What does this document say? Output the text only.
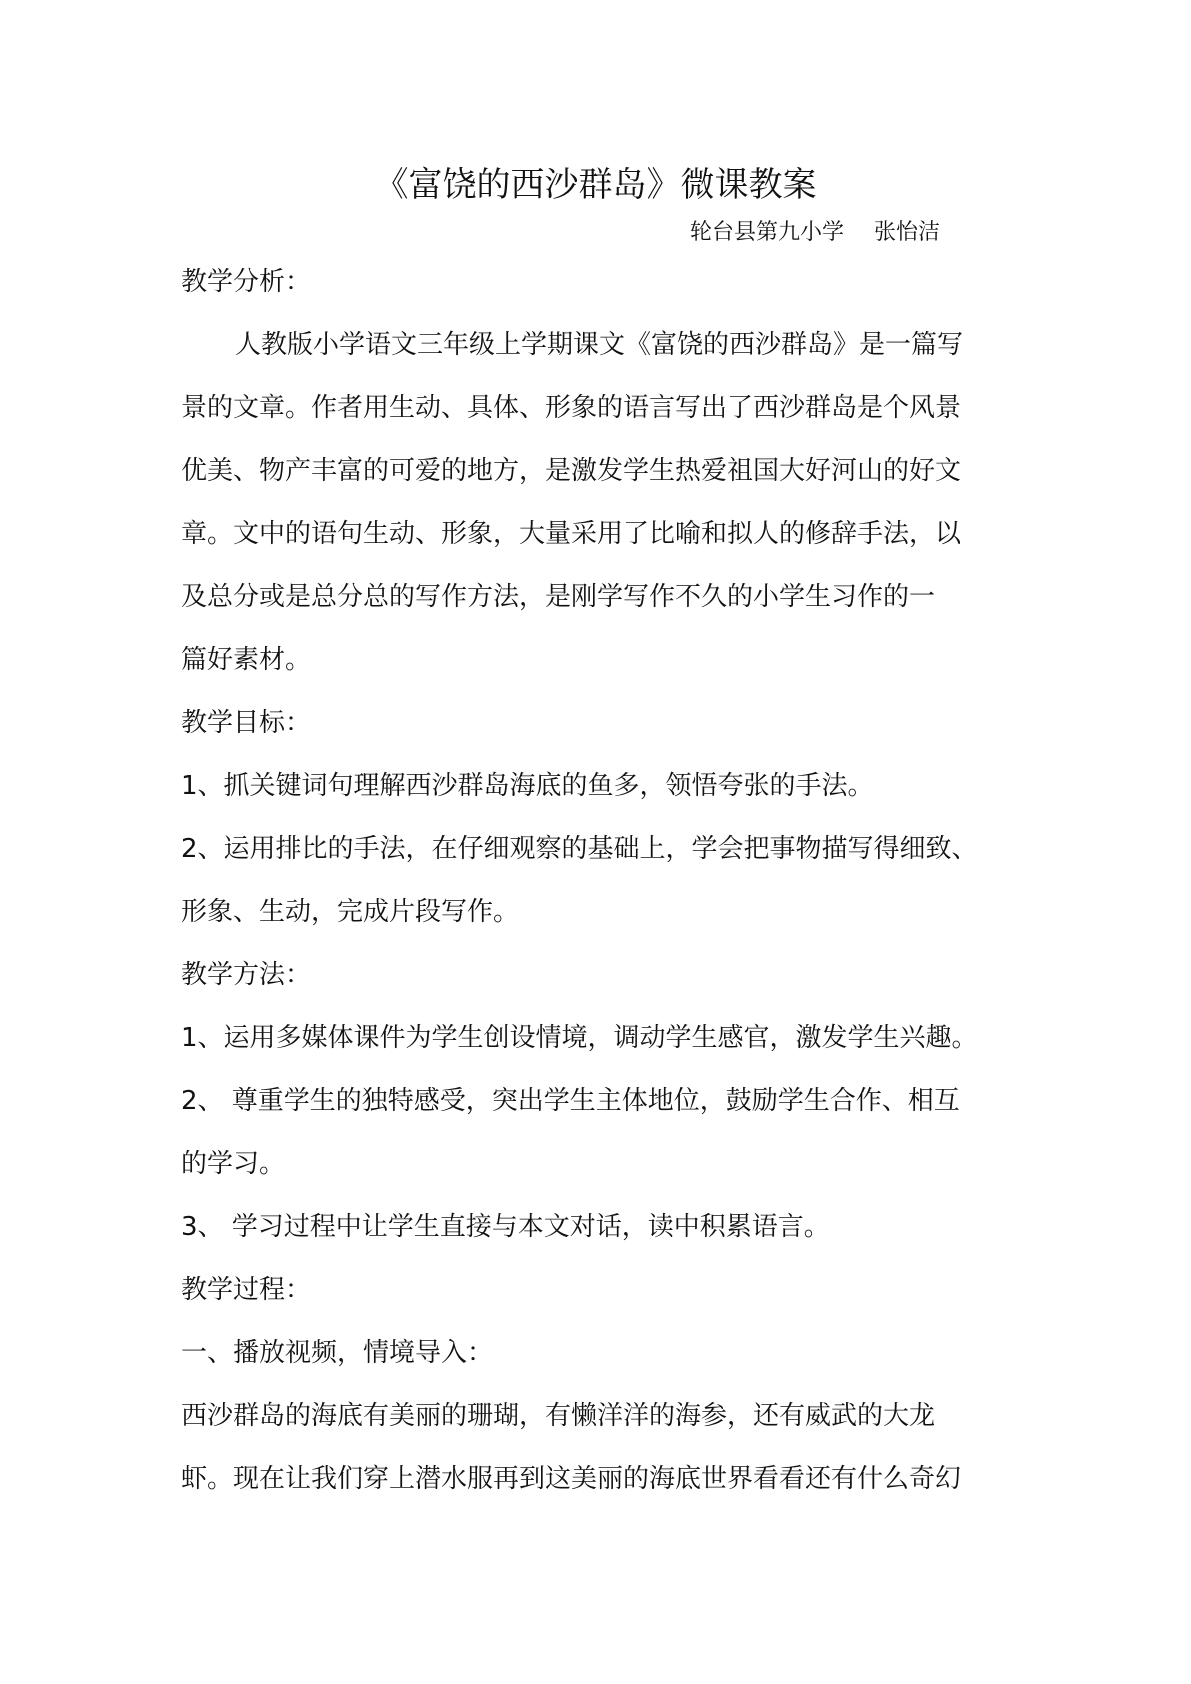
《富饶的西沙群岛》微课教案
轮台县第九小学 张怡洁
教学分析：
人教版小学语文三年级上学期课文《富饶的西沙群岛》是一篇写
景的文章。作者用生动、具体、形象的语言写出了西沙群岛是个风景
优美、物产丰富的可爱的地方，是激发学生热爱祖国大好河山的好文
章。文中的语句生动、形象，大量采用了比喻和拟人的修辞手法，以
及总分或是总分总的写作方法，是刚学写作不久的小学生习作的一
篇好素材。
教学目标：
1、抓关键词句理解西沙群岛海底的鱼多，领悟夸张的手法。
2、运用排比的手法，在仔细观察的基础上，学会把事物描写得细致、
形象、生动，完成片段写作。
教学方法：
1、运用多媒体课件为学生创设情境，调动学生感官，激发学生兴趣。
2、 尊重学生的独特感受，突出学生主体地位，鼓励学生合作、相互
的学习。
3、 学习过程中让学生直接与本文对话，读中积累语言。
教学过程：
一、播放视频，情境导入：
西沙群岛的海底有美丽的珊瑚，有懒洋洋的海参，还有威武的大龙
虾。现在让我们穿上潜水服再到这美丽的海底世界看看还有什么奇幻
